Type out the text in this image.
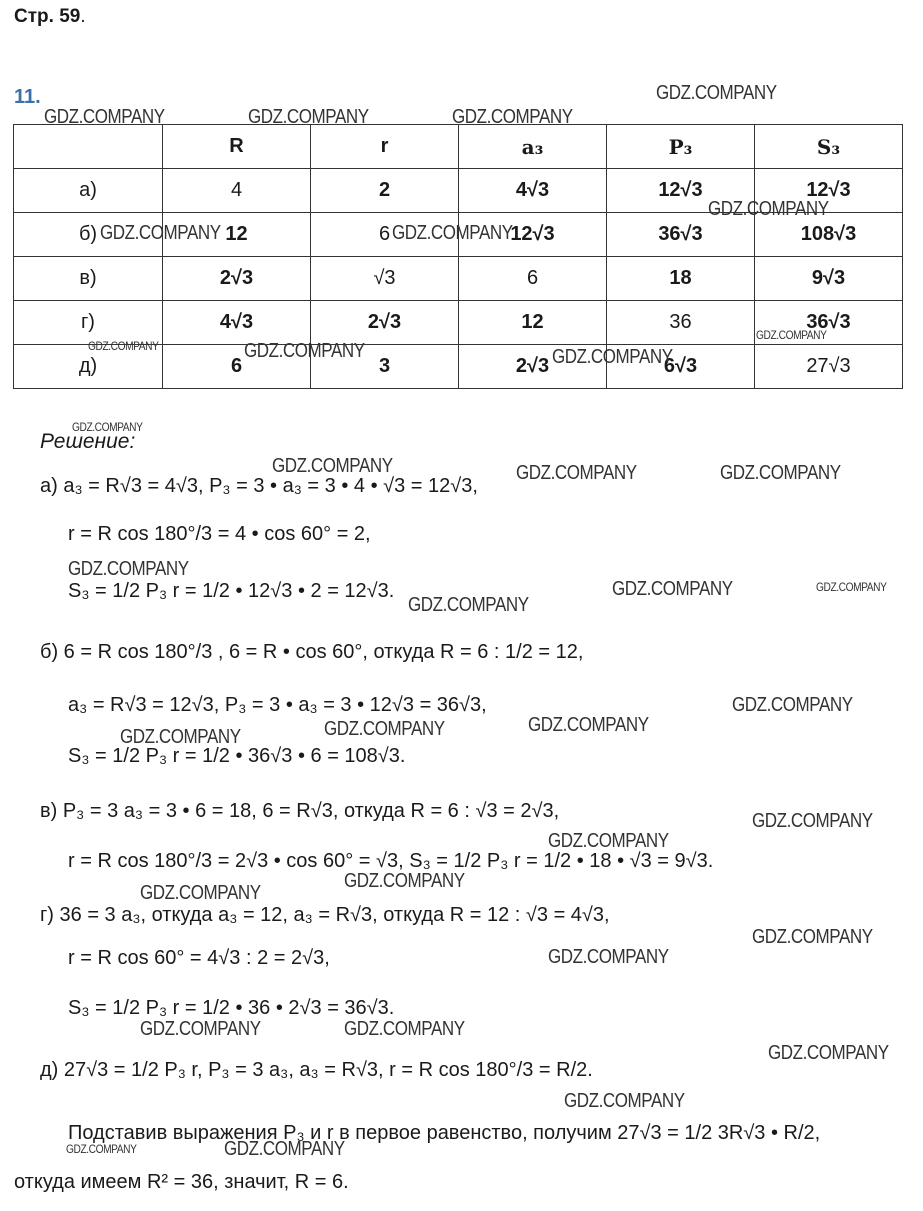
Стр. 59.
11.
	R	r	a₃	P₃	S₃
а)	4	2	4√3	12√3	12√3
б)	12	6	12√3	36√3	108√3
в)	2√3	√3	6	18	9√3
г)	4√3	2√3	12	36	36√3
д)	6	3	2√3	6√3	27√3
Решение:
а) a₃ = R√3 = 4√3, P₃ = 3 • a₃ = 3 • 4 • √3 = 12√3,
r = R cos 180°/3 = 4 • cos 60° = 2,
S₃ = 1/2 P₃ r = 1/2 • 12√3 • 2 = 12√3.
б) 6 = R cos 180°/3 , 6 = R • cos 60°, откуда R = 6 : 1/2 = 12,
a₃ = R√3 = 12√3, P₃ = 3 • a₃ = 3 • 12√3 = 36√3,
S₃ = 1/2 P₃ r = 1/2 • 36√3 • 6 = 108√3.
в) P₃ = 3 a₃ = 3 • 6 = 18, 6 = R√3, откуда R = 6 : √3 = 2√3,
r = R cos 180°/3 = 2√3 • cos 60° = √3, S₃ = 1/2 P₃ r = 1/2 • 18 • √3 = 9√3.
г) 36 = 3 a₃, откуда a₃ = 12, a₃ = R√3, откуда R = 12 : √3 = 4√3,
r = R cos 60° = 4√3 : 2 = 2√3,
S₃ = 1/2 P₃ r = 1/2 • 36 • 2√3 = 36√3.
д) 27√3 = 1/2 P₃ r, P₃ = 3 a₃, a₃ = R√3, r = R cos 180°/3 = R/2.
Подставив выражения P₃ и r в первое равенство, получим 27√3 = 1/2 3R√3 • R/2,
откуда имеем R² = 36, значит, R = 6.
GDZ.COMPANY	GDZ.COMPANY	GDZ.COMPANY
GDZ.COMPANY
GDZ.COMPANY	GDZ.COMPANY
GDZ.COMPANY
GDZ.COMPANY	GDZ.COMPANY	GDZ.COMPANY
GDZ.COMPANY
GDZ.COMPANY
GDZ.COMPANY	GDZ.COMPANY	GDZ.COMPANY
GDZ.COMPANY
GDZ.COMPANY
GDZ.COMPANY	GDZ.COMPANY
GDZ.COMPANY
GDZ.COMPANY	GDZ.COMPANY
GDZ.COMPANY
GDZ.COMPANY
GDZ.COMPANY
GDZ.COMPANY
GDZ.COMPANY
GDZ.COMPANY
GDZ.COMPANY
GDZ.COMPANY	GDZ.COMPANY
GDZ.COMPANY
GDZ.COMPANY
GDZ.COMPANY	GDZ.COMPANY
